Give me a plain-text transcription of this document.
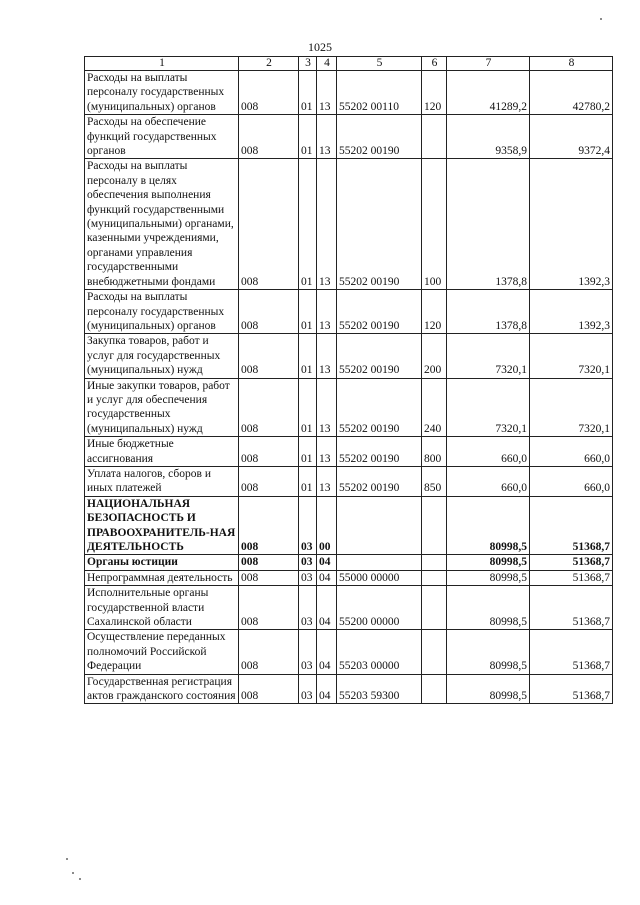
1025
1	2	3	4	5	6	7	8
Расходы на выплаты персоналу государственных (муниципальных) органов	008	01	13	55202 00110	120	41289,2	42780,2
Расходы на обеспечение функций государственных органов	008	01	13	55202 00190		9358,9	9372,4
Расходы на выплаты персоналу в целях обеспечения выполнения функций государственными (муниципальными) органами, казенными учреждениями, органами управления государственными внебюджетными фондами	008	01	13	55202 00190	100	1378,8	1392,3
Расходы на выплаты персоналу государственных (муниципальных) органов	008	01	13	55202 00190	120	1378,8	1392,3
Закупка товаров, работ и услуг для государственных (муниципальных) нужд	008	01	13	55202 00190	200	7320,1	7320,1
Иные закупки товаров, работ и услуг для обеспечения государственных (муниципальных) нужд	008	01	13	55202 00190	240	7320,1	7320,1
Иные бюджетные ассигнования	008	01	13	55202 00190	800	660,0	660,0
Уплата налогов, сборов и иных платежей	008	01	13	55202 00190	850	660,0	660,0
НАЦИОНАЛЬНАЯ БЕЗОПАСНОСТЬ И ПРАВООХРАНИТЕЛЬ-НАЯ ДЕЯТЕЛЬНОСТЬ	008	03	00			80998,5	51368,7
Органы юстиции	008	03	04			80998,5	51368,7
Непрограммная деятельность	008	03	04	55000 00000		80998,5	51368,7
Исполнительные органы государственной власти Сахалинской области	008	03	04	55200 00000		80998,5	51368,7
Осуществление переданных полномочий Российской Федерации	008	03	04	55203 00000		80998,5	51368,7
Государственная регистрация актов гражданского состояния	008	03	04	55203 59300		80998,5	51368,7
